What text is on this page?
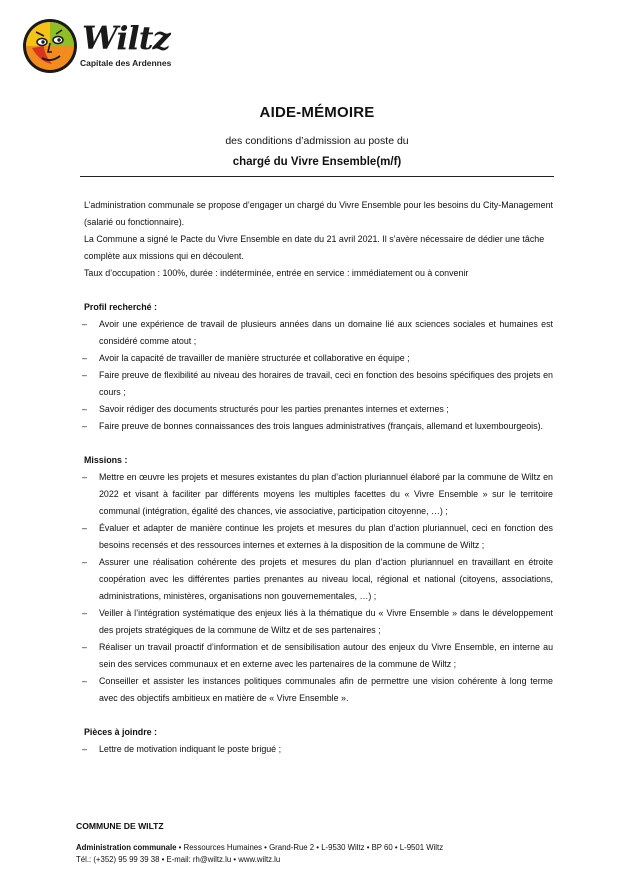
Wiltz
Capitale des Ardennes
AIDE-MÉMOIRE
des conditions d’admission au poste du
chargé du Vivre Ensemble(m/f)

L’administration communale se propose d’engager un chargé du Vivre Ensemble pour les besoins du City-Management (salarié ou fonctionnaire).

La Commune a signé le Pacte du Vivre Ensemble en date du 21 avril 2021. Il s’avère nécessaire de dédier une tâche complète aux missions qui en découlent.

Taux d’occupation : 100%, durée : indéterminée, entrée en service : immédiatement ou à convenir

Profil recherché :
– Avoir une expérience de travail de plusieurs années dans un domaine lié aux sciences sociales et humaines est considéré comme atout ;
– Avoir la capacité de travailler de manière structurée et collaborative en équipe ;
– Faire preuve de flexibilité au niveau des horaires de travail, ceci en fonction des besoins spécifiques des projets en cours ;
– Savoir rédiger des documents structurés pour les parties prenantes internes et externes ;
– Faire preuve de bonnes connaissances des trois langues administratives (français, allemand et luxembourgeois).
Missions :
– Mettre en œuvre les projets et mesures existantes du plan d’action pluriannuel élaboré par la commune de Wiltz en 2022 et visant à faciliter par différents moyens les multiples facettes du « Vivre Ensemble » sur le territoire communal (intégration, égalité des chances, vie associative, participation citoyenne, …) ;
– Évaluer et adapter de manière continue les projets et mesures du plan d’action pluriannuel, ceci en fonction des besoins recensés et des ressources internes et externes à la disposition de la commune de Wiltz ;
– Assurer une réalisation cohérente des projets et mesures du plan d’action pluriannuel en travaillant en étroite coopération avec les différentes parties prenantes au niveau local, régional et national (citoyens, associations, administrations, ministères, organisations non gouvernementales, …) ;
– Veiller à l’intégration systématique des enjeux liés à la thématique du « Vivre Ensemble » dans le développement des projets stratégiques de la commune de Wiltz et de ses partenaires ;
– Réaliser un travail proactif d’information et de sensibilisation autour des enjeux du Vivre Ensemble, en interne au sein des services communaux et en externe avec les partenaires de la commune de Wiltz ;
– Conseiller et assister les instances politiques communales afin de permettre une vision cohérente à long terme avec des objectifs ambitieux en matière de « Vivre Ensemble ».
Pièces à joindre :
– Lettre de motivation indiquant le poste brigué ;
COMMUNE DE WILTZ
Administration communale • Ressources Humaines • Grand-Rue 2 • L-9530 Wiltz • BP 60 • L-9501 Wiltz
Tél.: (+352) 95 99 39 38 • E-mail: rh@wiltz.lu • www.wiltz.lu
